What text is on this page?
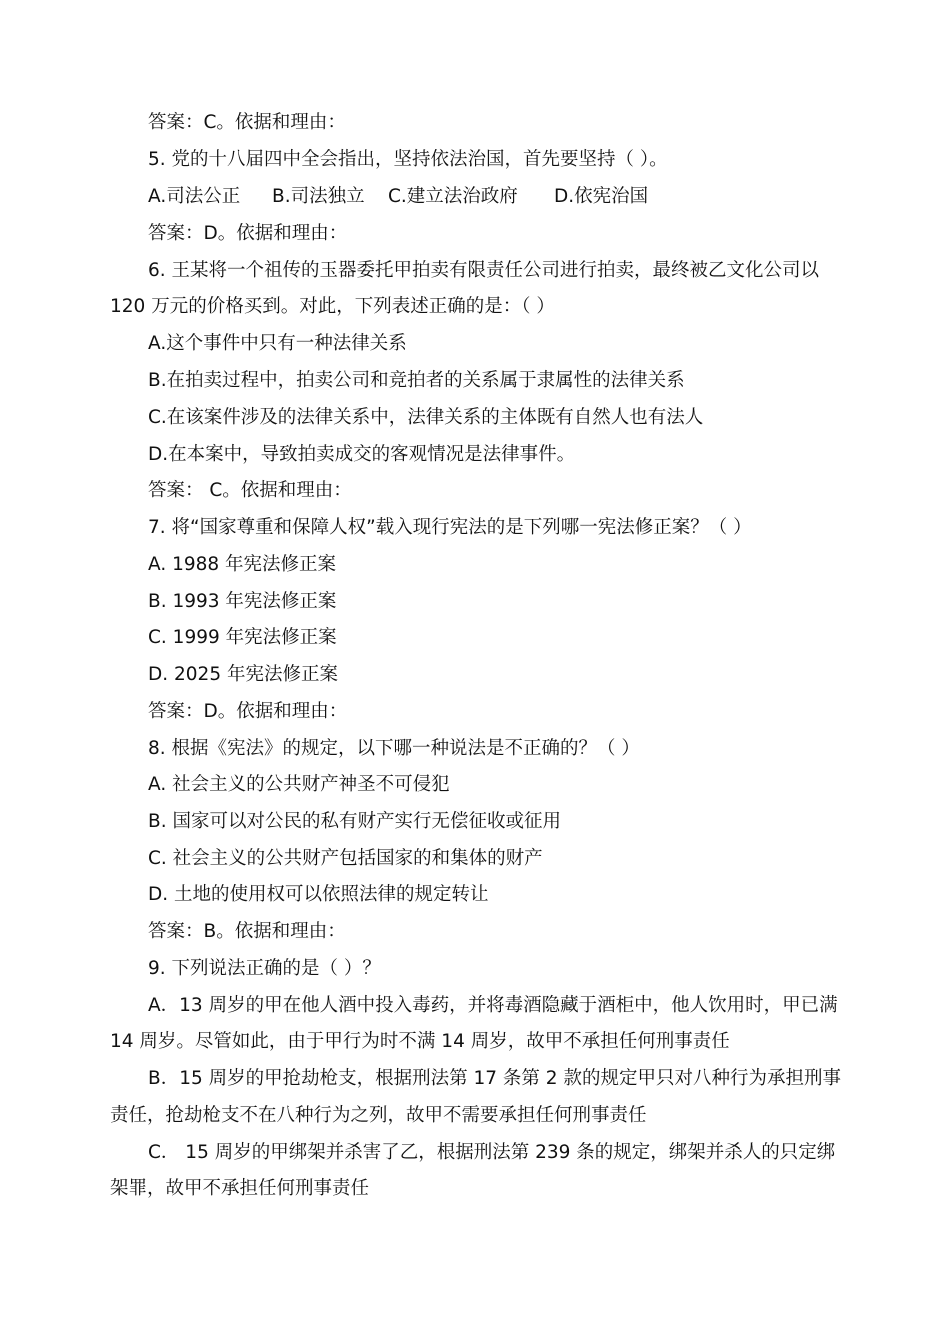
答案：C。依据和理由：
5. 党的十八届四中全会指出，坚持依法治国，首先要坚持（ ）。
A.司法公正 B.司法独立 C.建立法治政府 D.依宪治国
答案：D。依据和理由：
6. 王某将一个祖传的玉器委托甲拍卖有限责任公司进行拍卖，最终被乙文化公司以
120 万元的价格买到。对此，下列表述正确的是：（ ）
A.这个事件中只有一种法律关系
B.在拍卖过程中，拍卖公司和竞拍者的关系属于隶属性的法律关系
C.在该案件涉及的法律关系中，法律关系的主体既有自然人也有法人
D.在本案中，导致拍卖成交的客观情况是法律事件。
答案： C。依据和理由：
7. 将“国家尊重和保障人权”载入现行宪法的是下列哪一宪法修正案？（ ）
A. 1988 年宪法修正案
B. 1993 年宪法修正案
C. 1999 年宪法修正案
D. 2025 年宪法修正案
答案：D。依据和理由：
8. 根据《宪法》的规定，以下哪一种说法是不正确的？（ ）
A. 社会主义的公共财产神圣不可侵犯
B. 国家可以对公民的私有财产实行无偿征收或征用
C. 社会主义的公共财产包括国家的和集体的财产
D. 土地的使用权可以依照法律的规定转让
答案：B。依据和理由：
9. 下列说法正确的是（ ）？
A．13 周岁的甲在他人酒中投入毒药，并将毒酒隐藏于酒柜中，他人饮用时，甲已满
14 周岁。尽管如此，由于甲行为时不满 14 周岁，故甲不承担任何刑事责任
B．15 周岁的甲抢劫枪支，根据刑法第 17 条第 2 款的规定甲只对八种行为承担刑事
责任，抢劫枪支不在八种行为之列，故甲不需要承担任何刑事责任
C． 15 周岁的甲绑架并杀害了乙，根据刑法第 239 条的规定，绑架并杀人的只定绑
架罪，故甲不承担任何刑事责任
